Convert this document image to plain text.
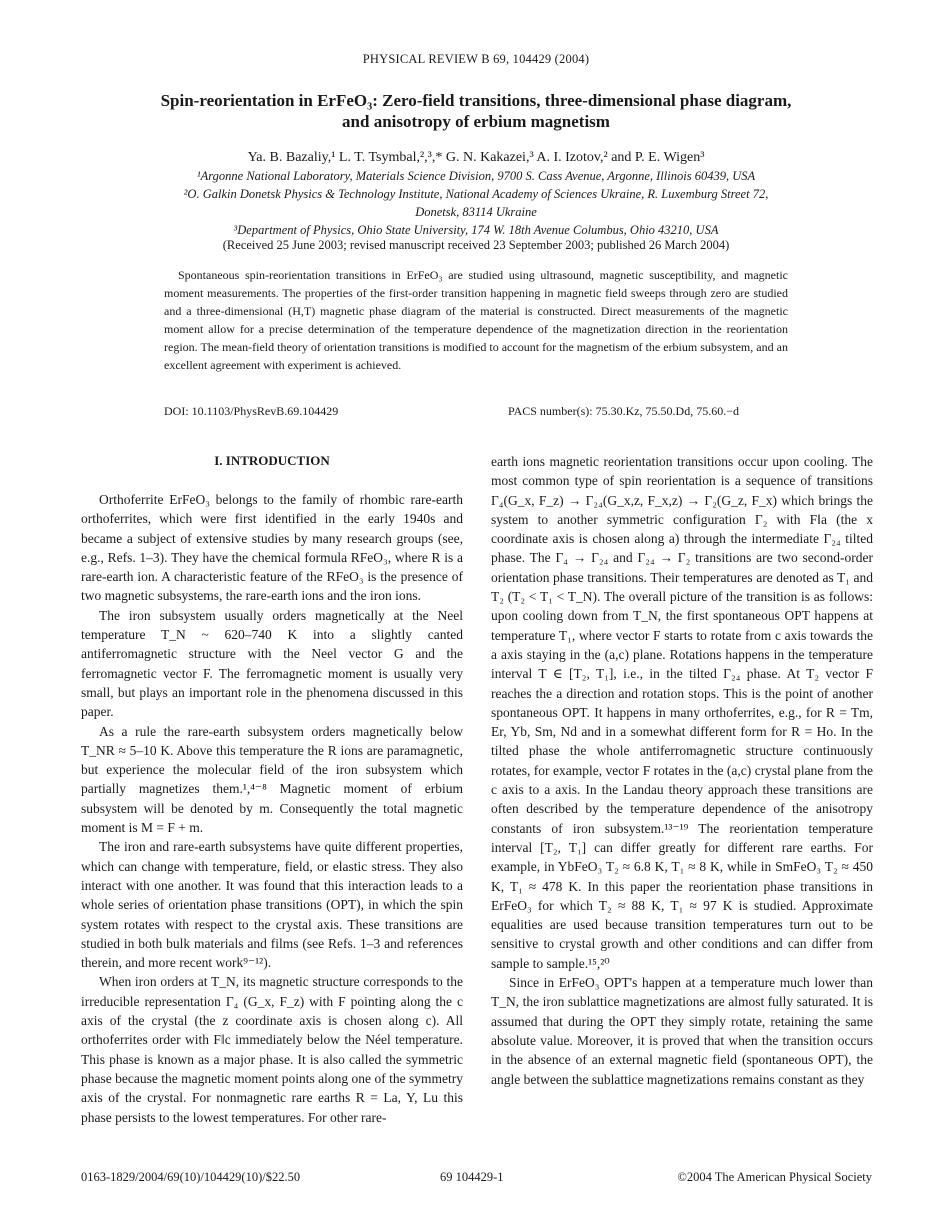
PHYSICAL REVIEW B 69, 104429 (2004)
Spin-reorientation in ErFeO₃: Zero-field transitions, three-dimensional phase diagram,
and anisotropy of erbium magnetism
Ya. B. Bazaliy,¹ L. T. Tsymbal,²,³,* G. N. Kakazei,³ A. I. Izotov,² and P. E. Wigen³
¹Argonne National Laboratory, Materials Science Division, 9700 S. Cass Avenue, Argonne, Illinois 60439, USA
²O. Galkin Donetsk Physics & Technology Institute, National Academy of Sciences Ukraine, R. Luxemburg Street 72,
Donetsk, 83114 Ukraine
³Department of Physics, Ohio State University, 174 W. 18th Avenue Columbus, Ohio 43210, USA
(Received 25 June 2003; revised manuscript received 23 September 2003; published 26 March 2004)
Spontaneous spin-reorientation transitions in ErFeO₃ are studied using ultrasound, magnetic susceptibility, and magnetic moment measurements. The properties of the first-order transition happening in magnetic field sweeps through zero are studied and a three-dimensional (H,T) magnetic phase diagram of the material is constructed. Direct measurements of the magnetic moment allow for a precise determination of the temperature dependence of the magnetization direction in the reorientation region. The mean-field theory of orientation transitions is modified to account for the magnetism of the erbium subsystem, and an excellent agreement with experiment is achieved.
DOI: 10.1103/PhysRevB.69.104429	PACS number(s): 75.30.Kz, 75.50.Dd, 75.60.−d

I. INTRODUCTION

Orthoferrite ErFeO₃ belongs to the family of rhombic rare-earth orthoferrites, which were first identified in the early 1940s and became a subject of extensive studies by many research groups (see, e.g., Refs. 1–3). They have the chemical formula RFeO₃, where R is a rare-earth ion. A characteristic feature of the RFeO₃ is the presence of two magnetic subsystems, the rare-earth ions and the iron ions.

The iron subsystem usually orders magnetically at the Neel temperature T_N ~ 620–740 K into a slightly canted antiferromagnetic structure with the Neel vector G and the ferromagnetic vector F. The ferromagnetic moment is usually very small, but plays an important role in the phenomena discussed in this paper.

As a rule the rare-earth subsystem orders magnetically below T_NR ≈ 5–10 K. Above this temperature the R ions are paramagnetic, but experience the molecular field of the iron subsystem which partially magnetizes them.¹,⁴⁻⁸ Magnetic moment of erbium subsystem will be denoted by m. Consequently the total magnetic moment is M = F + m.

The iron and rare-earth subsystems have quite different properties, which can change with temperature, field, or elastic stress. They also interact with one another. It was found that this interaction leads to a whole series of orientation phase transitions (OPT), in which the spin system rotates with respect to the crystal axis. These transitions are studied in both bulk materials and films (see Refs. 1–3 and references therein, and more recent work⁹⁻¹²).

When iron orders at T_N, its magnetic structure corresponds to the irreducible representation Γ₄ (G_x, F_z) with F pointing along the c axis of the crystal (the z coordinate axis is chosen along c). All orthoferrites order with F‖c immediately below the Néel temperature. This phase is known as a major phase. It is also called the symmetric phase because the magnetic moment points along one of the symmetry axis of the crystal. For nonmagnetic rare earths R = La, Y, Lu this phase persists to the lowest temperatures. For other rare-

earth ions magnetic reorientation transitions occur upon cooling. The most common type of spin reorientation is a sequence of transitions Γ₄(G_x, F_z) → Γ₂₄(G_x,z, F_x,z) → Γ₂(G_z, F_x) which brings the system to another symmetric configuration Γ₂ with F‖a (the x coordinate axis is chosen along a) through the intermediate Γ₂₄ tilted phase. The Γ₄ → Γ₂₄ and Γ₂₄ → Γ₂ transitions are two second-order orientation phase transitions. Their temperatures are denoted as T₁ and T₂ (T₂ < T₁ < T_N). The overall picture of the transition is as follows: upon cooling down from T_N, the first spontaneous OPT happens at temperature T₁, where vector F starts to rotate from c axis towards the a axis staying in the (a,c) plane. Rotations happens in the temperature interval T ∈ [T₂, T₁], i.e., in the tilted Γ₂₄ phase. At T₂ vector F reaches the a direction and rotation stops. This is the point of another spontaneous OPT. It happens in many orthoferrites, e.g., for R = Tm, Er, Yb, Sm, Nd and in a somewhat different form for R = Ho. In the tilted phase the whole antiferromagnetic structure continuously rotates, for example, vector F rotates in the (a,c) crystal plane from the c axis to a axis. In the Landau theory approach these transitions are often described by the temperature dependence of the anisotropy constants of iron subsystem.¹³⁻¹⁹ The reorientation temperature interval [T₂, T₁] can differ greatly for different rare earths. For example, in YbFeO₃ T₂ ≈ 6.8 K, T₁ ≈ 8 K, while in SmFeO₃ T₂ ≈ 450 K, T₁ ≈ 478 K. In this paper the reorientation phase transitions in ErFeO₃ for which T₂ ≈ 88 K, T₁ ≈ 97 K is studied. Approximate equalities are used because transition temperatures turn out to be sensitive to crystal growth and other conditions and can differ from sample to sample.¹⁵,²⁰

Since in ErFeO₃ OPT's happen at a temperature much lower than T_N, the iron sublattice magnetizations are almost fully saturated. It is assumed that during the OPT they simply rotate, retaining the same absolute value. Moreover, it is proved that when the transition occurs in the absence of an external magnetic field (spontaneous OPT), the angle between the sublattice magnetizations remains constant as they

0163-1829/2004/69(10)/104429(10)/$22.50	69 104429-1	©2004 The American Physical Society
